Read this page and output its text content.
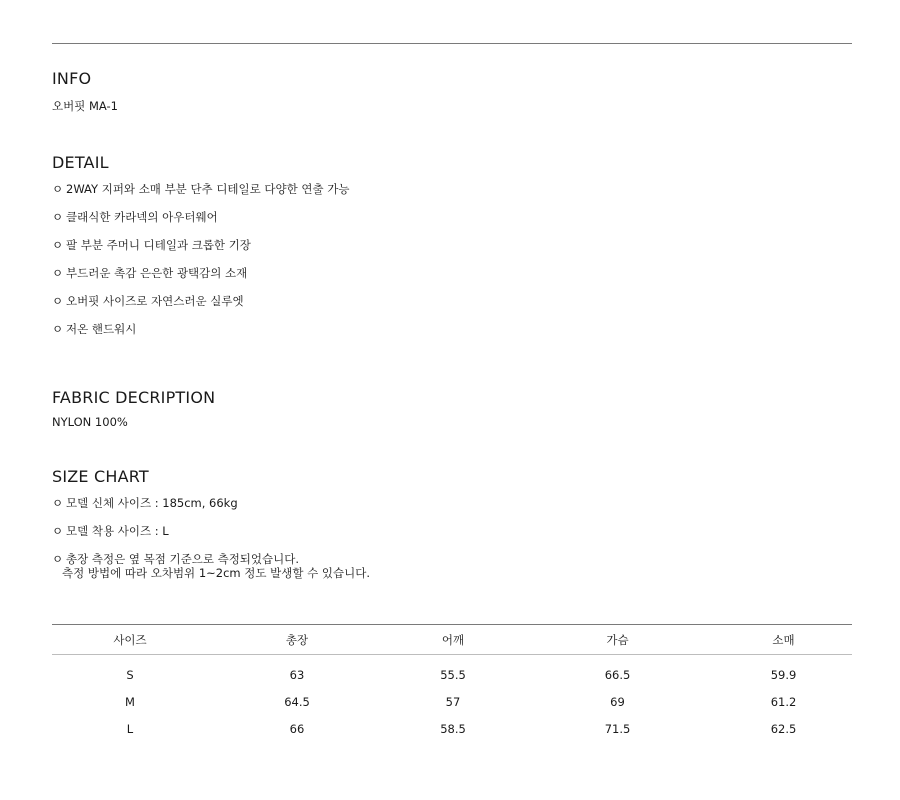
INFO
오버핏 MA-1
DETAIL
ㅇ 2WAY 지퍼와 소매 부분 단추 디테일로 다양한 연출 가능
ㅇ 클래식한 카라넥의 아우터웨어
ㅇ 팔 부분 주머니 디테일과 크롭한 기장
ㅇ 부드러운 촉감 은은한 광택감의 소재
ㅇ 오버핏 사이즈로 자연스러운 실루엣
ㅇ 저온 핸드워시
FABRIC DECRIPTION
NYLON 100%
SIZE CHART
ㅇ 모델 신체 사이즈 : 185cm, 66kg
ㅇ 모델 착용 사이즈 : L
ㅇ 총장 측정은 옆 목점 기준으로 측정되었습니다.
측정 방법에 따라 오차범위 1~2cm 정도 발생할 수 있습니다.
사이즈	총장	어깨	가슴	소매
S	63	55.5	66.5	59.9
M	64.5	57	69	61.2
L	66	58.5	71.5	62.5
